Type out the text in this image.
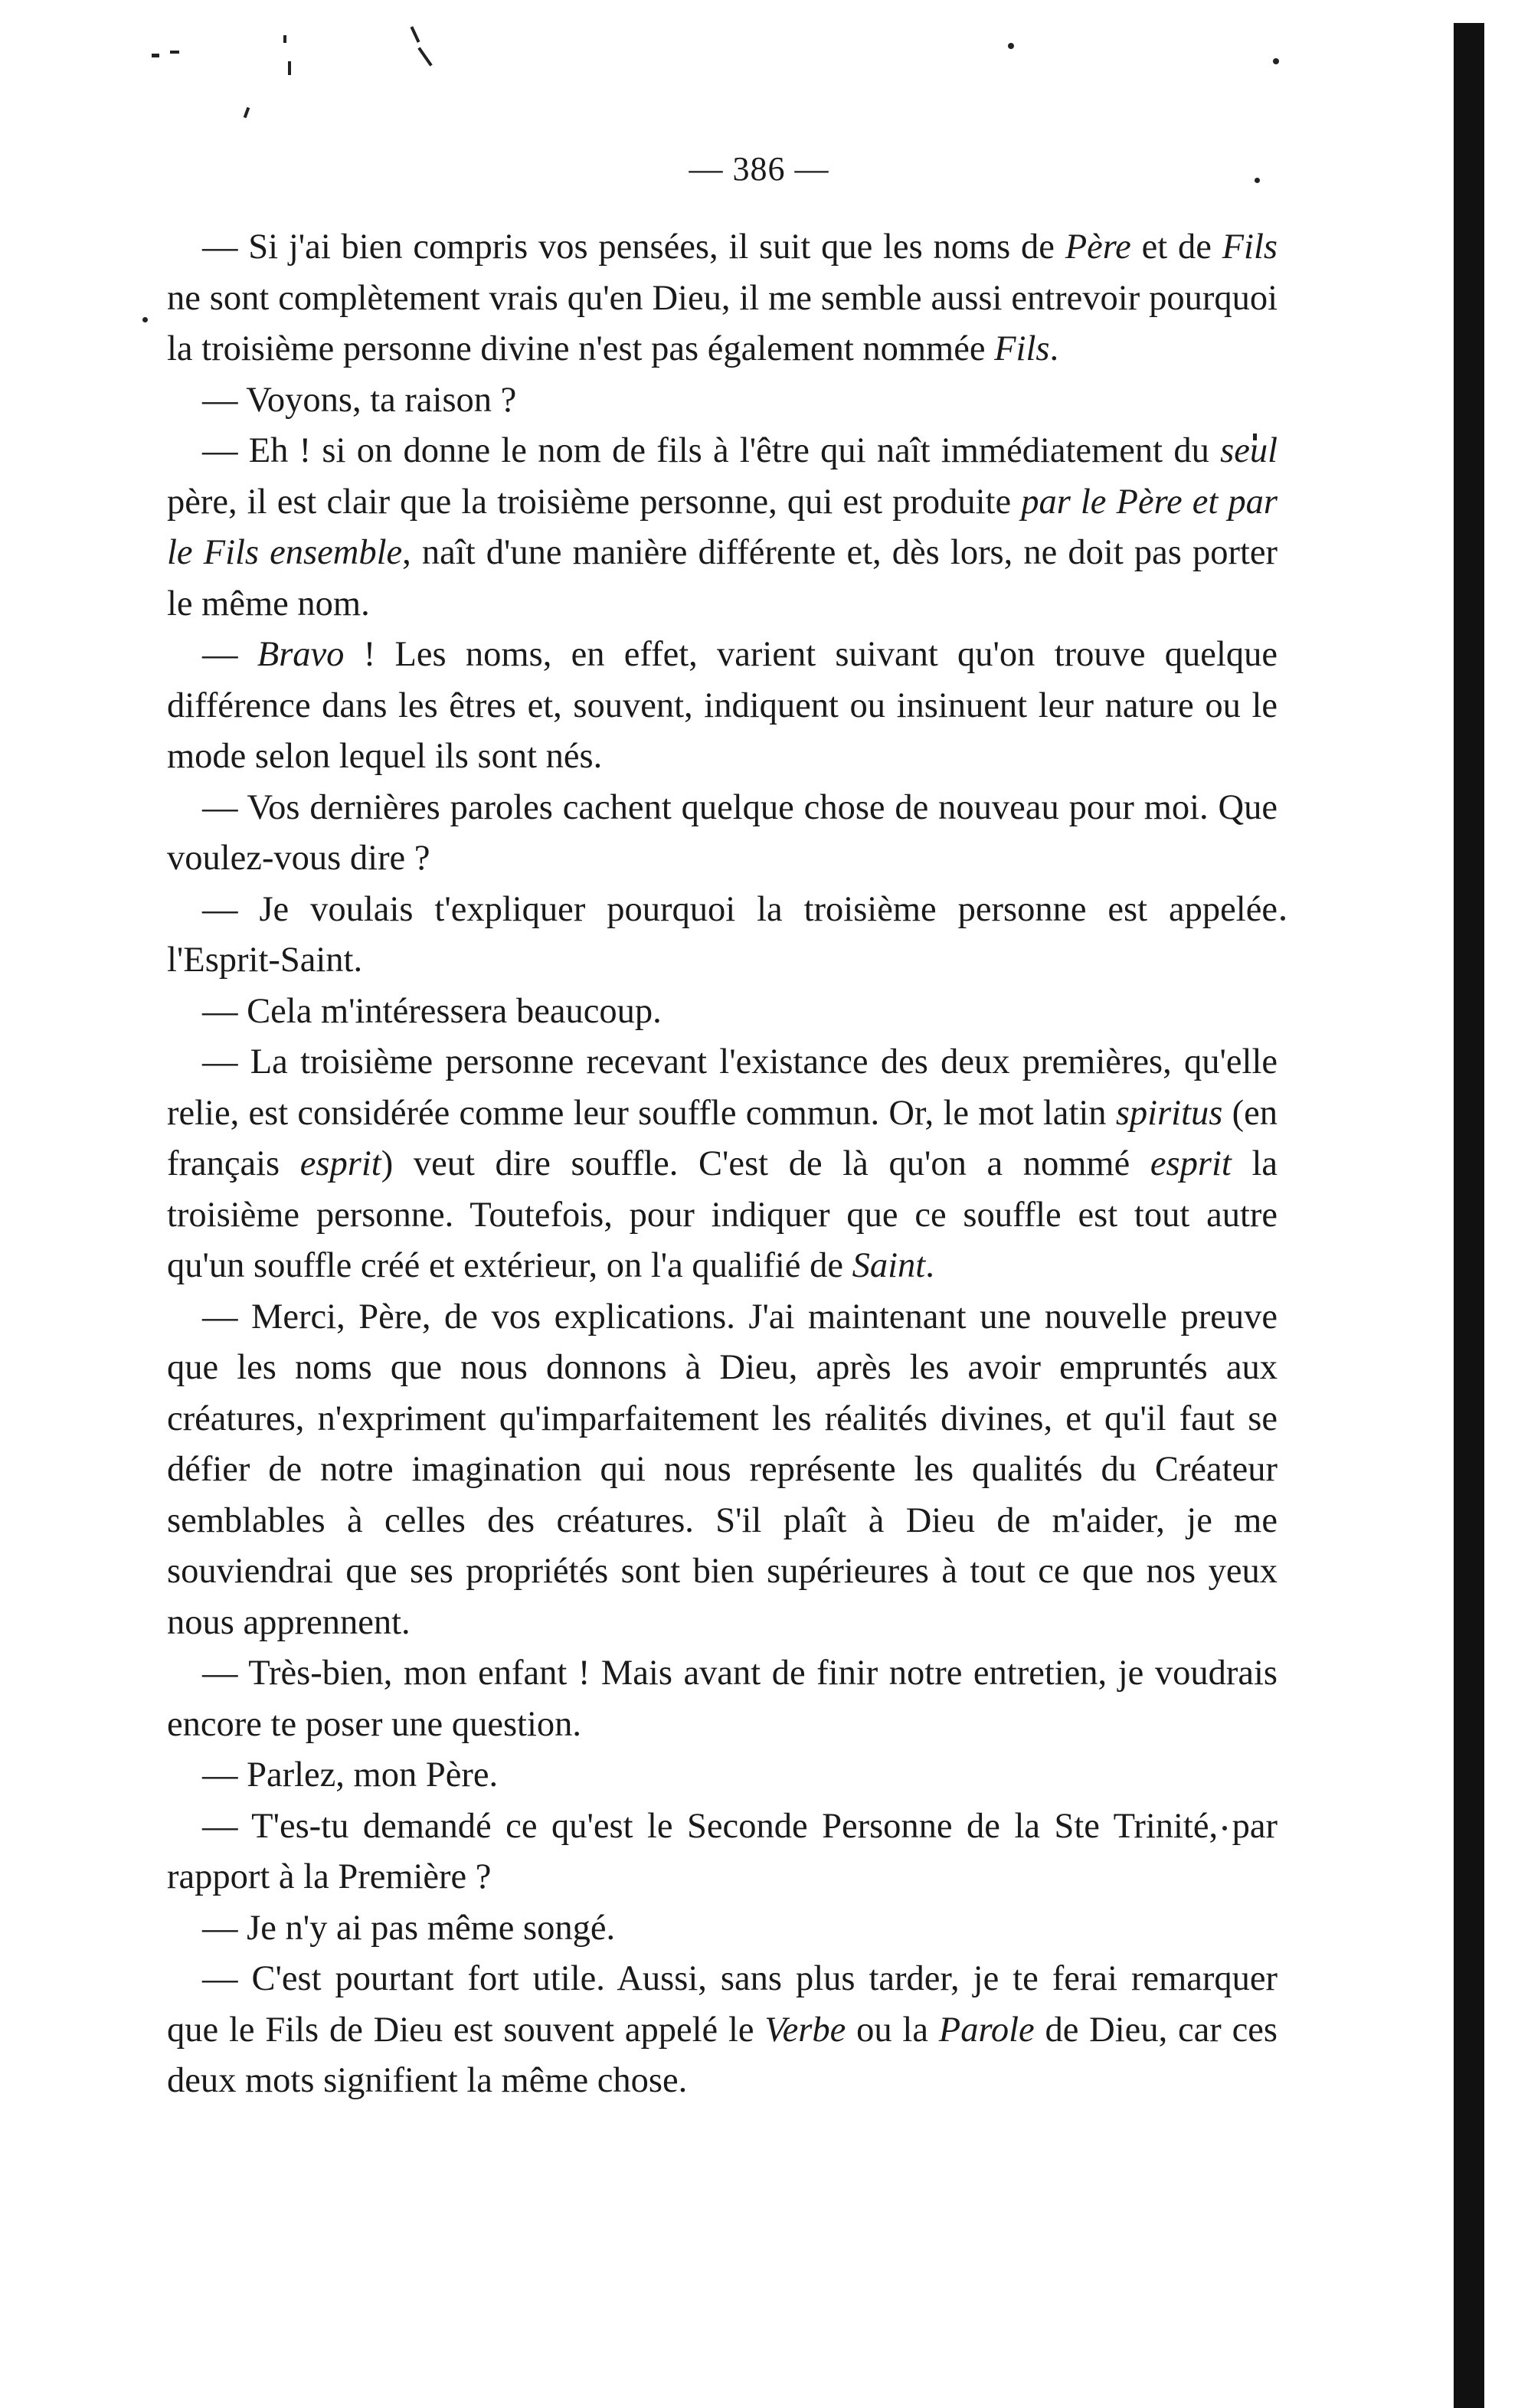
— 386 —

— Si j'ai bien compris vos pensées, il suit que les noms de Père et de Fils ne sont complètement vrais qu'en Dieu, il me semble aussi entrevoir pourquoi la troisième personne divine n'est pas également nommée Fils.

— Voyons, ta raison ?

— Eh ! si on donne le nom de fils à l'être qui naît immédiatement du seul père, il est clair que la troisième personne, qui est produite par le Père et par le Fils ensemble, naît d'une manière différente et, dès lors, ne doit pas porter le même nom.

— Bravo ! Les noms, en effet, varient suivant qu'on trouve quelque différence dans les êtres et, souvent, indiquent ou insinuent leur nature ou le mode selon lequel ils sont nés.

— Vos dernières paroles cachent quelque chose de nouveau pour moi. Que voulez-vous dire ?

— Je voulais t'expliquer pourquoi la troisième personne est appelée l'Esprit-Saint.

— Cela m'intéressera beaucoup.

— La troisième personne recevant l'existance des deux premières, qu'elle relie, est considérée comme leur souffle commun. Or, le mot latin spiritus (en français esprit) veut dire souffle. C'est de là qu'on a nommé esprit la troisième personne. Toutefois, pour indiquer que ce souffle est tout autre qu'un souffle créé et extérieur, on l'a qualifié de Saint.

— Merci, Père, de vos explications. J'ai maintenant une nouvelle preuve que les noms que nous donnons à Dieu, après les avoir empruntés aux créatures, n'expriment qu'imparfaitement les réalités divines, et qu'il faut se défier de notre imagination qui nous représente les qualités du Créateur semblables à celles des créatures. S'il plaît à Dieu de m'aider, je me souviendrai que ses propriétés sont bien supérieures à tout ce que nos yeux nous apprennent.

— Très-bien, mon enfant ! Mais avant de finir notre entretien, je voudrais encore te poser une question.

— Parlez, mon Père.

— T'es-tu demandé ce qu'est le Seconde Personne de la Ste Trinité, par rapport à la Première ?

— Je n'y ai pas même songé.

— C'est pourtant fort utile. Aussi, sans plus tarder, je te ferai remarquer que le Fils de Dieu est souvent appelé le Verbe ou la Parole de Dieu, car ces deux mots signifient la même chose.
